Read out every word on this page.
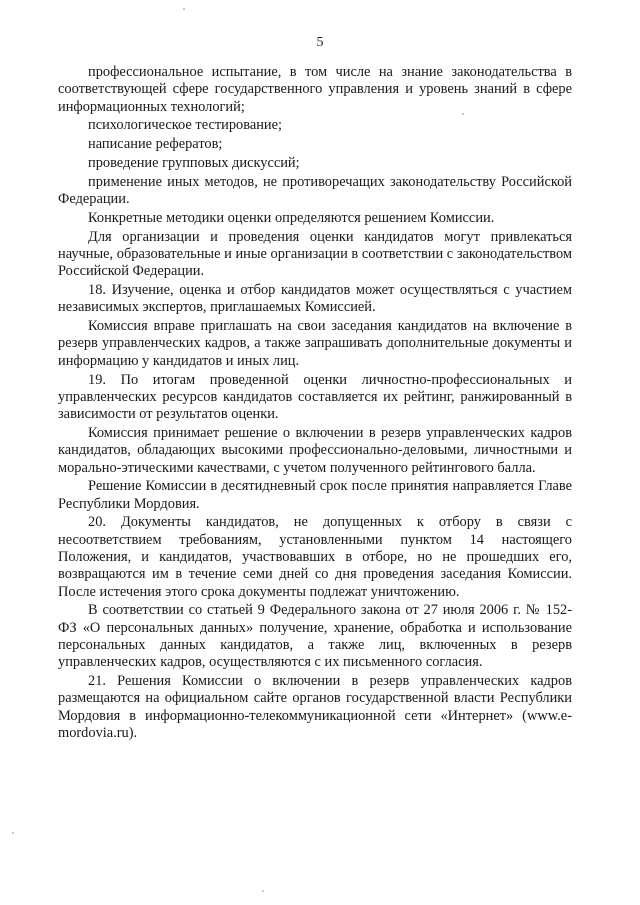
5

профессиональное испытание, в том числе на знание законодательства в соответствующей сфере государственного управления и уровень знаний в сфере информационных технологий;

психологическое тестирование;

написание рефератов;

проведение групповых дискуссий;

применение иных методов, не противоречащих законодательству Российской Федерации.

Конкретные методики оценки определяются решением Комиссии.

Для организации и проведения оценки кандидатов могут привлекаться научные, образовательные и иные организации в соответствии с законодательством Российской Федерации.

18. Изучение, оценка и отбор кандидатов может осуществляться с участием независимых экспертов, приглашаемых Комиссией.

Комиссия вправе приглашать на свои заседания кандидатов на включение в резерв управленческих кадров, а также запрашивать дополнительные документы и информацию у кандидатов и иных лиц.

19. По итогам проведенной оценки личностно-профессиональных и управленческих ресурсов кандидатов составляется их рейтинг, ранжированный в зависимости от результатов оценки.

Комиссия принимает решение о включении в резерв управленческих кадров кандидатов, обладающих высокими профессионально-деловыми, личностными и морально-этическими качествами, с учетом полученного рейтингового балла.

Решение Комиссии в десятидневный срок после принятия направляется Главе Республики Мордовия.

20. Документы кандидатов, не допущенных к отбору в связи с несоответствием требованиям, установленными пунктом 14 настоящего Положения, и кандидатов, участвовавших в отборе, но не прошедших его, возвращаются им в течение семи дней со дня проведения заседания Комиссии. После истечения этого срока документы подлежат уничтожению.

В соответствии со статьей 9 Федерального закона от 27 июля 2006 г. № 152-ФЗ «О персональных данных» получение, хранение, обработка и использование персональных данных кандидатов, а также лиц, включенных в резерв управленческих кадров, осуществляются с их письменного согласия.

21. Решения Комиссии о включении в резерв управленческих кадров размещаются на официальном сайте органов государственной власти Республики Мордовия в информационно-телекоммуникационной сети «Интернет» (www.e-mordovia.ru).
